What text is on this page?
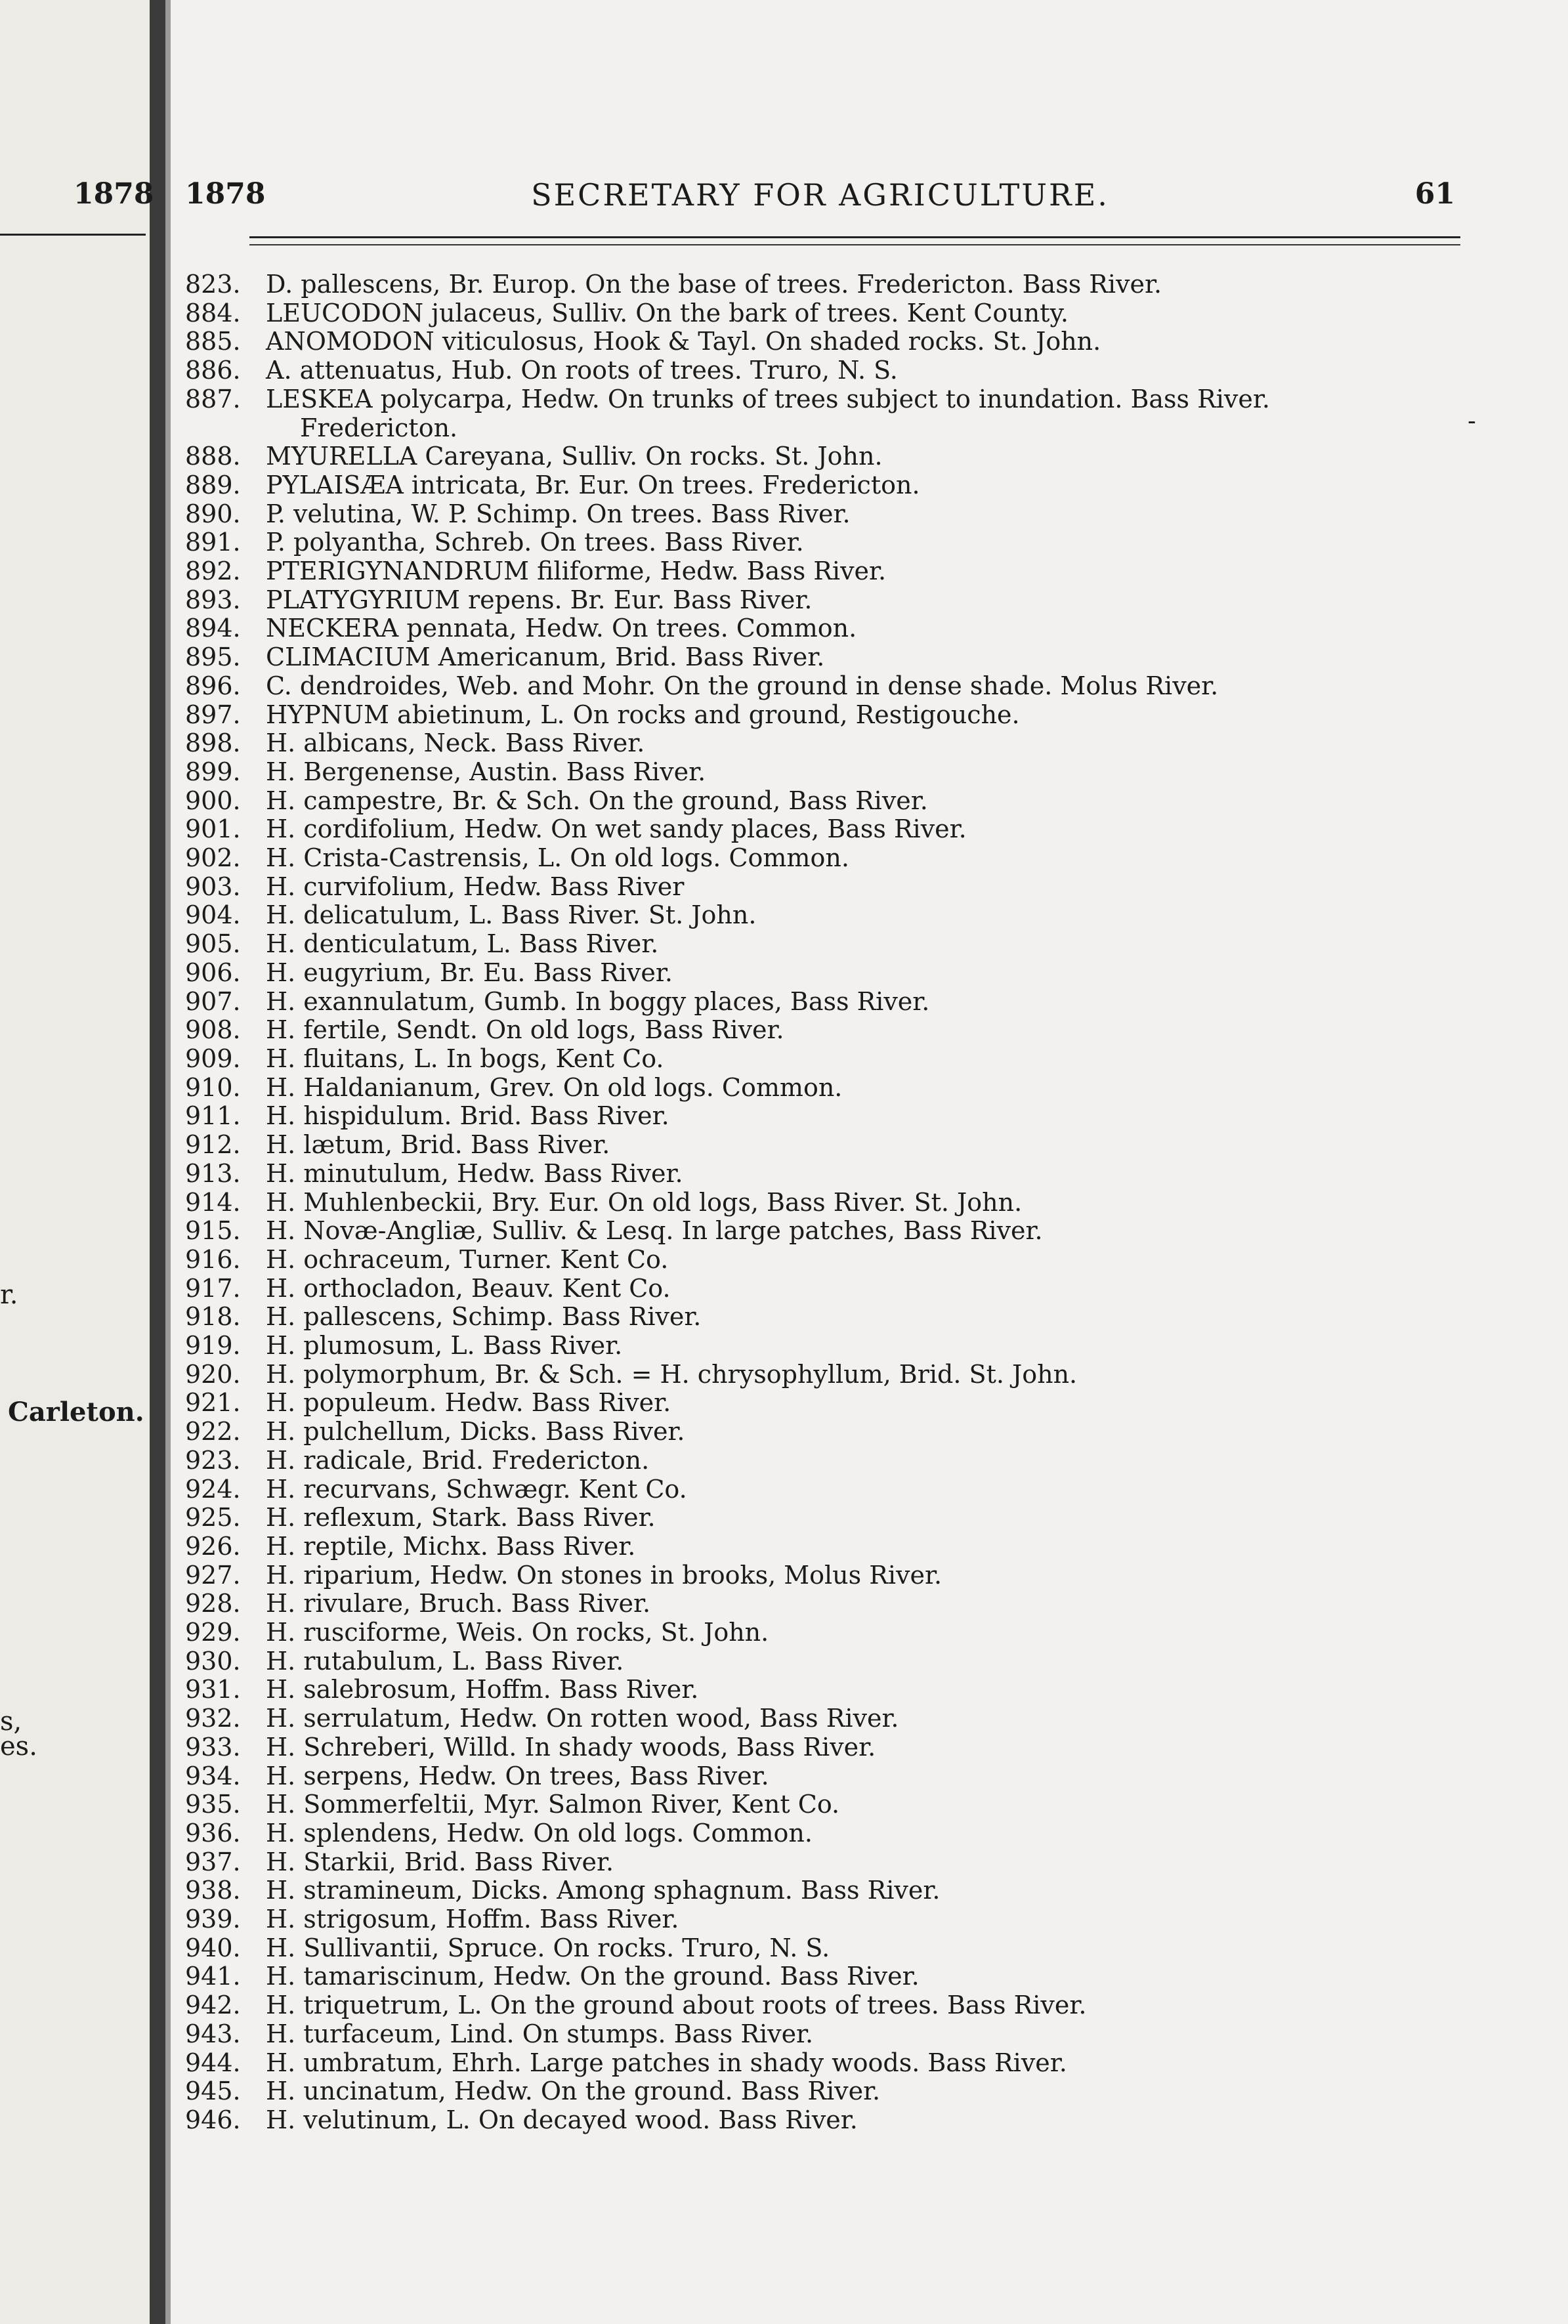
1878
Carleton.
r.
s,
es.
1878	SECRETARY FOR AGRICULTURE.	61
823.	D. pallescens, Br. Europ. On the base of trees. Fredericton. Bass River.
884.	LEUCODON julaceus, Sulliv. On the bark of trees. Kent County.
885.	ANOMODON viticulosus, Hook & Tayl. On shaded rocks. St. John.
886.	A. attenuatus, Hub. On roots of trees. Truro, N. S.
887.	LESKEA polycarpa, Hedw. On trunks of trees subject to inundation. Bass River.
Fredericton.
888.	MYURELLA Careyana, Sulliv. On rocks. St. John.
889.	PYLAISÆA intricata, Br. Eur. On trees. Fredericton.
890.	P. velutina, W. P. Schimp. On trees. Bass River.
891.	P. polyantha, Schreb. On trees. Bass River.
892.	PTERIGYNANDRUM filiforme, Hedw. Bass River.
893.	PLATYGYRIUM repens. Br. Eur. Bass River.
894.	NECKERA pennata, Hedw. On trees. Common.
895.	CLIMACIUM Americanum, Brid. Bass River.
896.	C. dendroides, Web. and Mohr. On the ground in dense shade. Molus River.
897.	HYPNUM abietinum, L. On rocks and ground, Restigouche.
898.	H. albicans, Neck. Bass River.
899.	H. Bergenense, Austin. Bass River.
900.	H. campestre, Br. & Sch. On the ground, Bass River.
901.	H. cordifolium, Hedw. On wet sandy places, Bass River.
902.	H. Crista-Castrensis, L. On old logs. Common.
903.	H. curvifolium, Hedw. Bass River
904.	H. delicatulum, L. Bass River. St. John.
905.	H. denticulatum, L. Bass River.
906.	H. eugyrium, Br. Eu. Bass River.
907.	H. exannulatum, Gumb. In boggy places, Bass River.
908.	H. fertile, Sendt. On old logs, Bass River.
909.	H. fluitans, L. In bogs, Kent Co.
910.	H. Haldanianum, Grev. On old logs. Common.
911.	H. hispidulum. Brid. Bass River.
912.	H. lætum, Brid. Bass River.
913.	H. minutulum, Hedw. Bass River.
914.	H. Muhlenbeckii, Bry. Eur. On old logs, Bass River. St. John.
915.	H. Novæ-Angliæ, Sulliv. & Lesq. In large patches, Bass River.
916.	H. ochraceum, Turner. Kent Co.
917.	H. orthocladon, Beauv. Kent Co.
918.	H. pallescens, Schimp. Bass River.
919.	H. plumosum, L. Bass River.
920.	H. polymorphum, Br. & Sch. = H. chrysophyllum, Brid. St. John.
921.	H. populeum. Hedw. Bass River.
922.	H. pulchellum, Dicks. Bass River.
923.	H. radicale, Brid. Fredericton.
924.	H. recurvans, Schwægr. Kent Co.
925.	H. reflexum, Stark. Bass River.
926.	H. reptile, Michx. Bass River.
927.	H. riparium, Hedw. On stones in brooks, Molus River.
928.	H. rivulare, Bruch. Bass River.
929.	H. rusciforme, Weis. On rocks, St. John.
930.	H. rutabulum, L. Bass River.
931.	H. salebrosum, Hoffm. Bass River.
932.	H. serrulatum, Hedw. On rotten wood, Bass River.
933.	H. Schreberi, Willd. In shady woods, Bass River.
934.	H. serpens, Hedw. On trees, Bass River.
935.	H. Sommerfeltii, Myr. Salmon River, Kent Co.
936.	H. splendens, Hedw. On old logs. Common.
937.	H. Starkii, Brid. Bass River.
938.	H. stramineum, Dicks. Among sphagnum. Bass River.
939.	H. strigosum, Hoffm. Bass River.
940.	H. Sullivantii, Spruce. On rocks. Truro, N. S.
941.	H. tamariscinum, Hedw. On the ground. Bass River.
942.	H. triquetrum, L. On the ground about roots of trees. Bass River.
943.	H. turfaceum, Lind. On stumps. Bass River.
944.	H. umbratum, Ehrh. Large patches in shady woods. Bass River.
945.	H. uncinatum, Hedw. On the ground. Bass River.
946.	H. velutinum, L. On decayed wood. Bass River.
-
